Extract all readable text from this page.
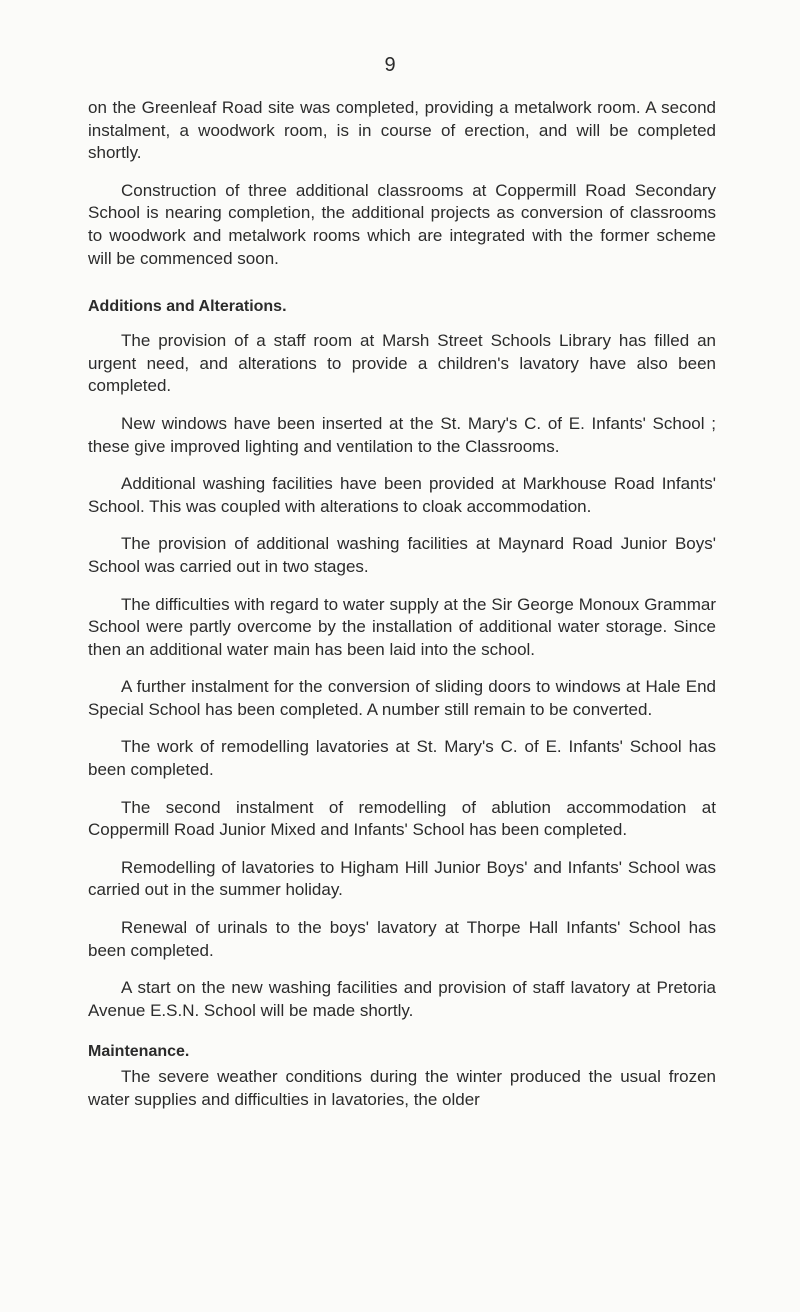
9

on the Greenleaf Road site was completed, providing a metalwork room. A second instalment, a woodwork room, is in course of erection, and will be completed shortly.

Construction of three additional classrooms at Coppermill Road Secondary School is nearing completion, the additional projects as conversion of classrooms to woodwork and metalwork rooms which are integrated with the former scheme will be commenced soon.

Additions and Alterations.

The provision of a staff room at Marsh Street Schools Library has filled an urgent need, and alterations to provide a children's lavatory have also been completed.

New windows have been inserted at the St. Mary's C. of E. Infants' School ; these give improved lighting and ventilation to the Classrooms.

Additional washing facilities have been provided at Markhouse Road Infants' School. This was coupled with alterations to cloak accommodation.

The provision of additional washing facilities at Maynard Road Junior Boys' School was carried out in two stages.

The difficulties with regard to water supply at the Sir George Monoux Grammar School were partly overcome by the installation of additional water storage. Since then an additional water main has been laid into the school.

A further instalment for the conversion of sliding doors to windows at Hale End Special School has been completed. A number still remain to be converted.

The work of remodelling lavatories at St. Mary's C. of E. Infants' School has been completed.

The second instalment of remodelling of ablution accommodation at Coppermill Road Junior Mixed and Infants' School has been completed.

Remodelling of lavatories to Higham Hill Junior Boys' and Infants' School was carried out in the summer holiday.

Renewal of urinals to the boys' lavatory at Thorpe Hall Infants' School has been completed.

A start on the new washing facilities and provision of staff lavatory at Pretoria Avenue E.S.N. School will be made shortly.

Maintenance.

The severe weather conditions during the winter produced the usual frozen water supplies and difficulties in lavatories, the older
